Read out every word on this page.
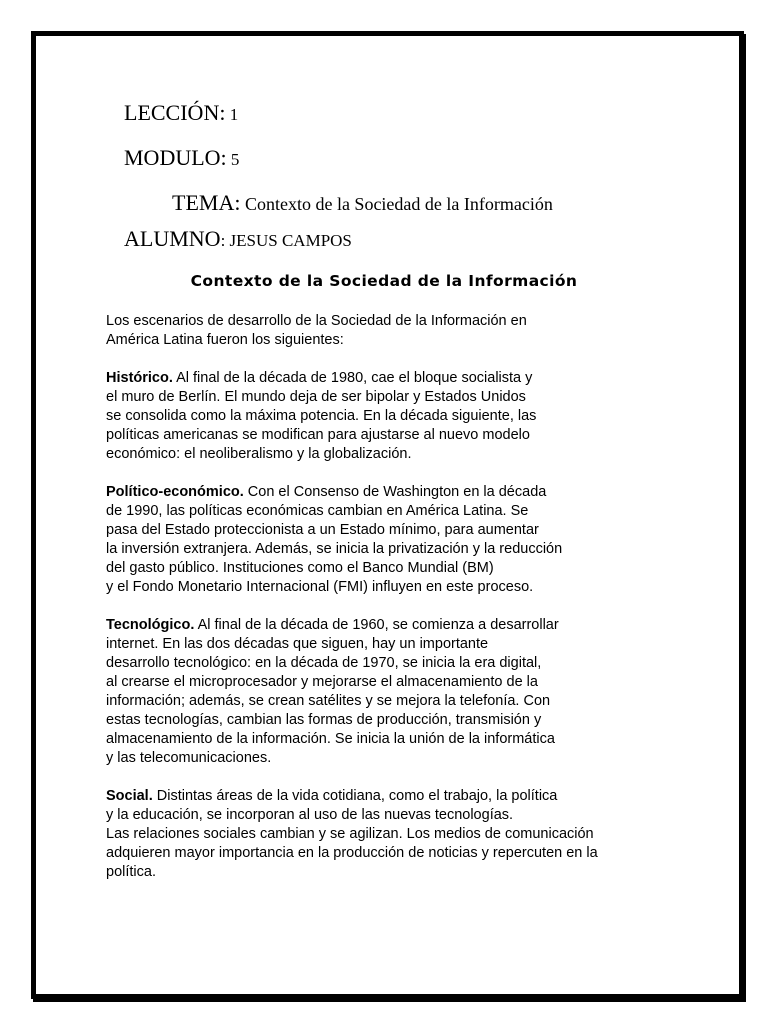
LECCIÓN: 1
MODULO: 5
TEMA: Contexto de la Sociedad de la Información
ALUMNO: JESUS CAMPOS
Contexto de la Sociedad de la Información

Los escenarios de desarrollo de la Sociedad de la Información en
América Latina fueron los siguientes:

Histórico. Al final de la década de 1980, cae el bloque socialista y
el muro de Berlín. El mundo deja de ser bipolar y Estados Unidos
se consolida como la máxima potencia. En la década siguiente, las
políticas americanas se modifican para ajustarse al nuevo modelo
económico: el neoliberalismo y la globalización.

Político-económico. Con el Consenso de Washington en la década
de 1990, las políticas económicas cambian en América Latina. Se
pasa del Estado proteccionista a un Estado mínimo, para aumentar
la inversión extranjera. Además, se inicia la privatización y la reducción
del gasto público. Instituciones como el Banco Mundial (BM)
y el Fondo Monetario Internacional (FMI) influyen en este proceso.

Tecnológico. Al final de la década de 1960, se comienza a desarrollar
internet. En las dos décadas que siguen, hay un importante
desarrollo tecnológico: en la década de 1970, se inicia la era digital,
al crearse el microprocesador y mejorarse el almacenamiento de la
información; además, se crean satélites y se mejora la telefonía. Con
estas tecnologías, cambian las formas de producción, transmisión y
almacenamiento de la información. Se inicia la unión de la informática
y las telecomunicaciones.

Social. Distintas áreas de la vida cotidiana, como el trabajo, la política
y la educación, se incorporan al uso de las nuevas tecnologías.
Las relaciones sociales cambian y se agilizan. Los medios de comunicación
adquieren mayor importancia en la producción de noticias y repercuten en la
política.
